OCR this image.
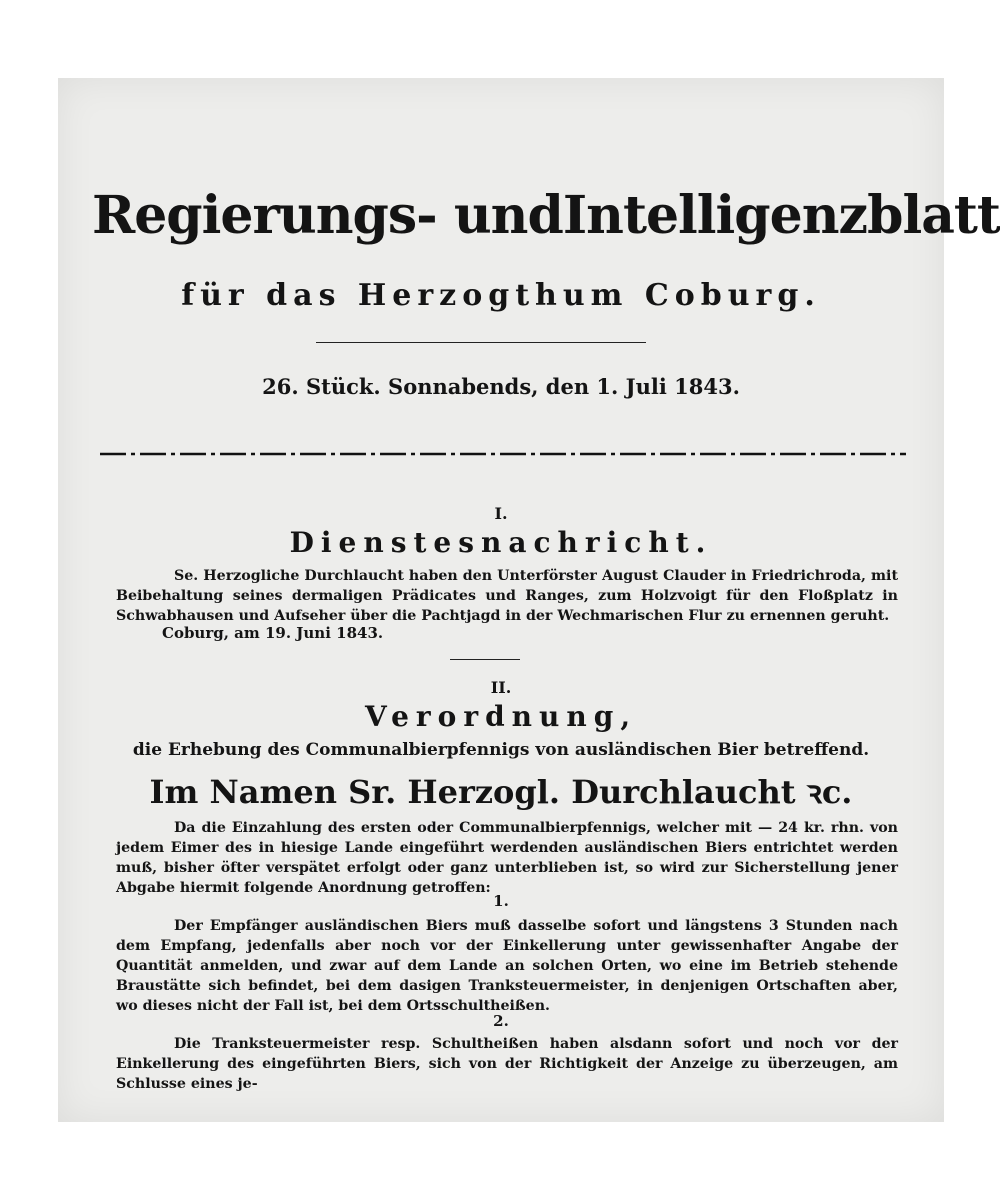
Regierungs- und Intelligenzblatt
für das Herzogthum Coburg.
26. Stück. Sonnabends, den 1. Juli 1843.
I.
Dienstesnachricht.
Se. Herzogliche Durchlaucht haben den Unterförster August Clauder in Friedrichroda, mit Beibehaltung seines dermaligen Prädicates und Ranges, zum Holzvoigt für den Floßplatz in Schwabhausen und Aufseher über die Pachtjagd in der Wechmarischen Flur zu ernennen geruht.
Coburg, am 19. Juni 1843.
II.
Verordnung,
die Erhebung des Communalbierpfennigs von ausländischen Bier betreffend.
Im Namen Sr. Herzogl. Durchlaucht ꝛc.
Da die Einzahlung des ersten oder Communalbierpfennigs, welcher mit — 24 kr. rhn. von jedem Eimer des in hiesige Lande eingeführt werdenden ausländischen Biers entrichtet werden muß, bisher öfter verspätet erfolgt oder ganz unterblieben ist, so wird zur Sicherstellung jener Abgabe hiermit folgende Anordnung getroffen:
1.
Der Empfänger ausländischen Biers muß dasselbe sofort und längstens 3 Stunden nach dem Empfang, jedenfalls aber noch vor der Einkellerung unter gewissenhafter Angabe der Quantität anmelden, und zwar auf dem Lande an solchen Orten, wo eine im Betrieb stehende Braustätte sich befindet, bei dem dasigen Tranksteuermeister, in denjenigen Ortschaften aber, wo dieses nicht der Fall ist, bei dem Ortsschultheißen.
2.
Die Tranksteuermeister resp. Schultheißen haben alsdann sofort und noch vor der Einkellerung des eingeführten Biers, sich von der Richtigkeit der Anzeige zu überzeugen, am Schlusse eines je-
